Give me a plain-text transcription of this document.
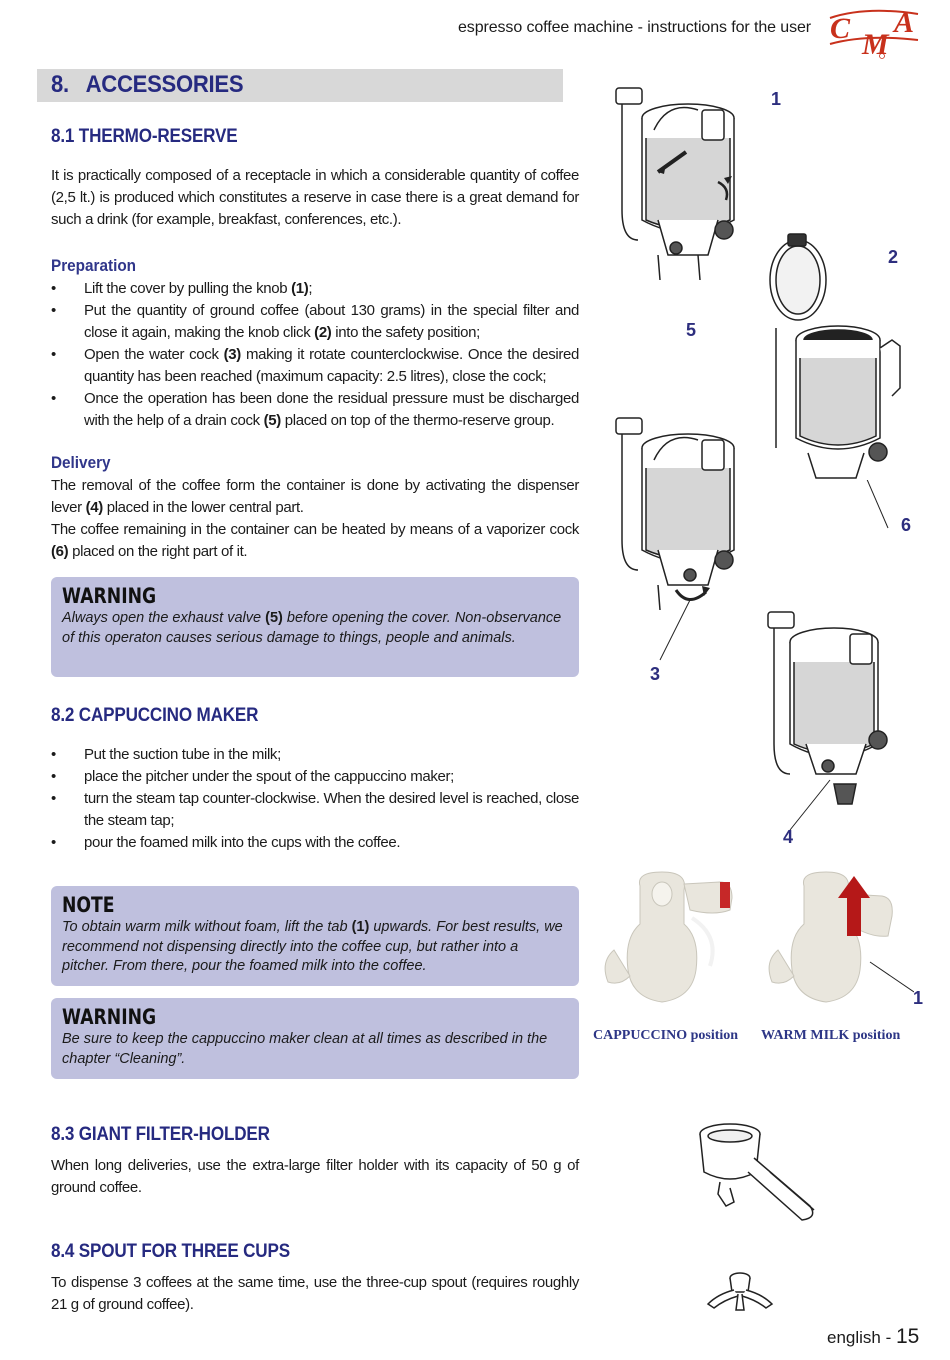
espresso coffee machine - instructions for the user C M
A
8. ACCESSORIES
8.1 THERMO-RESERVE
It is practically composed of a receptacle in which a considerable quantity of coffee (2,5 lt.) is produced which constitutes a reserve in case there is a great demand for such a drink (for example, breakfast, conferences, etc.).
Preparation
• Lift the cover by pulling the knob (1);
• Put the quantity of ground coffee (about 130 grams) in the special filter and close it again, making the knob click (2) into the safety position;
• Open the water cock (3) making it rotate counterclockwise. Once the desired quantity has been reached (maximum capacity: 2.5 litres), close the cock;
• Once the operation has been done the residual pressure must be discharged with the help of a drain cock (5) placed on top of the thermo-reserve group.
Delivery
The removal of the coffee form the container is done by activating the dispenser lever (4) placed in the lower central part.
The coffee remaining in the container can be heated by means of a vaporizer cock (6) placed on the right part of it.
WARNING
Always open the exhaust valve (5) before opening the cover. Non-observance of this operaton causes serious damage to things, people and animals.
8.2 CAPPUCCINO MAKER
• Put the suction tube in the milk;
• place the pitcher under the spout of the cappuccino maker;
• turn the steam tap counter-clockwise. When the desired level is reached, close the steam tap;
• pour the foamed milk into the cups with the coffee.
NOTE
To obtain warm milk without foam, lift the tab (1) upwards. For best results, we recommend not dispensing directly into the coffee cup, but rather into a pitcher. From there, pour the foamed milk into the coffee.
WARNING
Be sure to keep the cappuccino maker clean at all times as described in the chapter “Cleaning”.
8.3 GIANT FILTER-HOLDER
When long deliveries, use the extra-large filter holder with its capacity of 50 g of ground coffee.
8.4 SPOUT FOR THREE CUPS
To dispense 3 coffees at the same time, use the three-cup spout (requires roughly 21 g of ground coffee).
1
2
5
6
3
4
1
CAPPUCCINO position WARM MILK position
english - 15
